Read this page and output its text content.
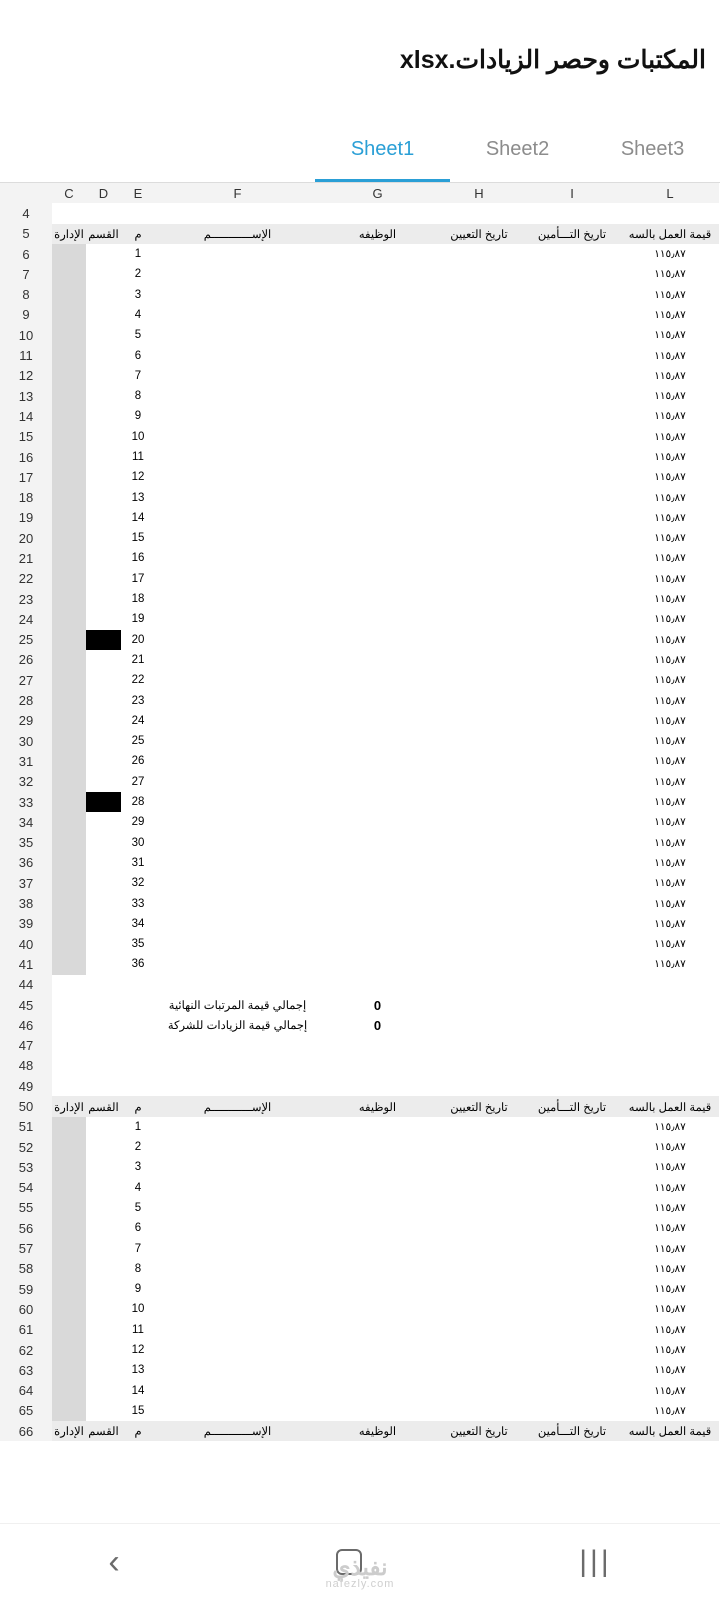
المكتبات وحصر الزيادات.xlsx
Sheet3
Sheet2
Sheet1
	C	D	E	F	G	H	I	L
4								
5	الإدارة	القسم	م	الإســــــــــــم	الوظيفه	تاريخ التعيين	تاريخ التـــأمين	قيمة العمل بالسه
6			1					١١٥٫٨٧
7			2					١١٥٫٨٧
8			3					١١٥٫٨٧
9			4					١١٥٫٨٧
10			5					١١٥٫٨٧
11			6					١١٥٫٨٧
12			7					١١٥٫٨٧
13			8					١١٥٫٨٧
14			9					١١٥٫٨٧
15			10					١١٥٫٨٧
16			11					١١٥٫٨٧
17			12					١١٥٫٨٧
18			13					١١٥٫٨٧
19			14					١١٥٫٨٧
20			15					١١٥٫٨٧
21			16					١١٥٫٨٧
22			17					١١٥٫٨٧
23			18					١١٥٫٨٧
24			19					١١٥٫٨٧
25			20					١١٥٫٨٧
26			21					١١٥٫٨٧
27			22					١١٥٫٨٧
28			23					١١٥٫٨٧
29			24					١١٥٫٨٧
30			25					١١٥٫٨٧
31			26					١١٥٫٨٧
32			27					١١٥٫٨٧
33			28					١١٥٫٨٧
34			29					١١٥٫٨٧
35			30					١١٥٫٨٧
36			31					١١٥٫٨٧
37			32					١١٥٫٨٧
38			33					١١٥٫٨٧
39			34					١١٥٫٨٧
40			35					١١٥٫٨٧
41			36					١١٥٫٨٧
44								
45				إجمالي قيمة المرتبات النهائية	0			
46				إجمالي قيمة الزيادات للشركة	0			
47								
48								
49								
50	الإدارة	القسم	م	الإســــــــــــم	الوظيفه	تاريخ التعيين	تاريخ التـــأمين	قيمة العمل بالسه
51			1					١١٥٫٨٧
52			2					١١٥٫٨٧
53			3					١١٥٫٨٧
54			4					١١٥٫٨٧
55			5					١١٥٫٨٧
56			6					١١٥٫٨٧
57			7					١١٥٫٨٧
58			8					١١٥٫٨٧
59			9					١١٥٫٨٧
60			10					١١٥٫٨٧
61			11					١١٥٫٨٧
62			12					١١٥٫٨٧
63			13					١١٥٫٨٧
64			14					١١٥٫٨٧
65			15					١١٥٫٨٧
66	الإدارة	القسم	م	الإســــــــــــم	الوظيفه	تاريخ التعيين	تاريخ التـــأمين	قيمة العمل بالسه
|||
›	نفيذي
nafezly.com
